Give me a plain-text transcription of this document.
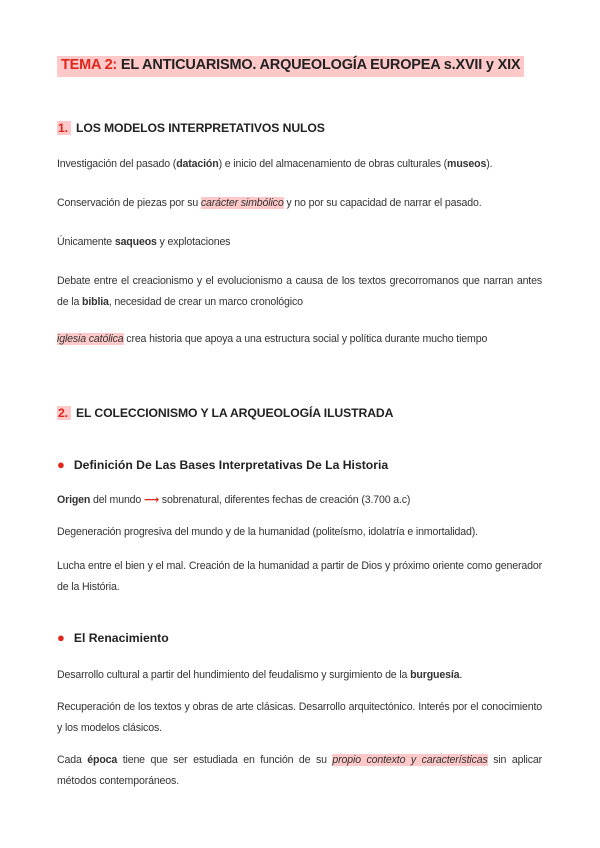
TEMA 2: EL ANTICUARISMO. ARQUEOLOGÍA EUROPEA s.XVII y XIX
1. LOS MODELOS INTERPRETATIVOS NULOS
Investigación del pasado (datación) e inicio del almacenamiento de obras culturales (museos).
Conservación de piezas por su carácter simbólico y no por su capacidad de narrar el pasado.
Únicamente saqueos y explotaciones
Debate entre el creacionismo y el evolucionismo a causa de los textos grecorromanos que narran antes de la biblia, necesidad de crear un marco cronológico
iglesia católica crea historia que apoya a una estructura social y política durante mucho tiempo
2. EL COLECCIONISMO Y LA ARQUEOLOGÍA ILUSTRADA
● Definición De Las Bases Interpretativas De La Historia
Origen del mundo ⟶ sobrenatural, diferentes fechas de creación (3.700 a.c)
Degeneración progresiva del mundo y de la humanidad (politeísmo, idolatría e inmortalidad).
Lucha entre el bien y el mal. Creación de la humanidad a partir de Dios y próximo oriente como generador de la História.
● El Renacimiento
Desarrollo cultural a partir del hundimiento del feudalismo y surgimiento de la burguesía.
Recuperación de los textos y obras de arte clásicas. Desarrollo arquitectónico. Interés por el conocimiento y los modelos clásicos.
Cada época tiene que ser estudiada en función de su propio contexto y características sin aplicar métodos contemporáneos.
